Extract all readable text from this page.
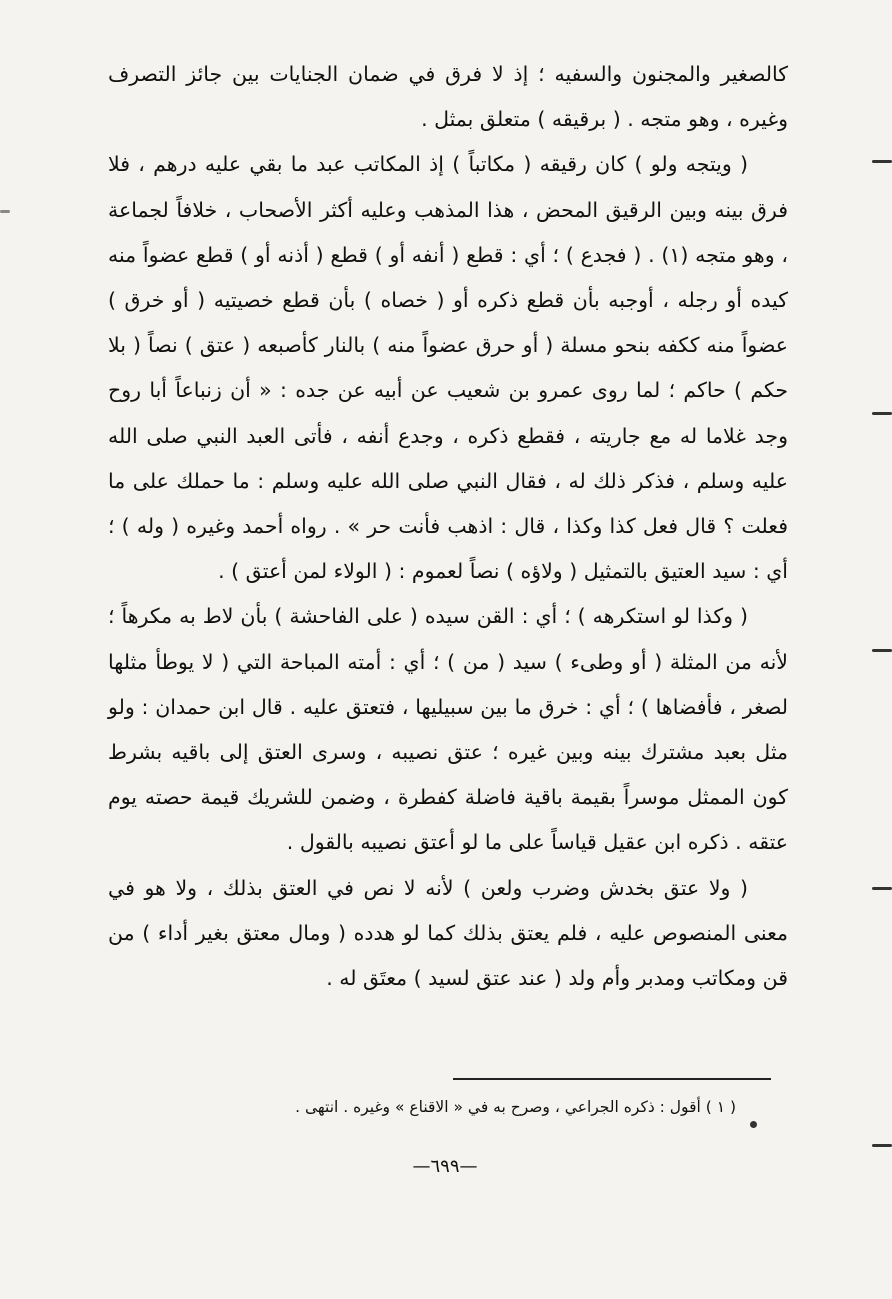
كالصغير والمجنون والسفيه ؛ إذ لا فرق في ضمان الجنايات بين جائز التصرف وغيره ، وهو متجه . ( برقيقه ) متعلق بمثل .

( ويتجه ولو ) كان رقيقه ( مكاتباً ) إذ المكاتب عبد ما بقي عليه درهم ، فلا فرق بينه وبين الرقيق المحض ، هذا المذهب وعليه أكثر الأصحاب ، خلافاً لجماعة ، وهو متجه (١) . ( فجدع ) ؛ أي : قطع ( أنفه أو ) قطع ( أذنه أو ) قطع عضواً منه كيده أو رجله ، أوجبه بأن قطع ذكره أو ( خصاه ) بأن قطع خصيتيه ( أو خرق ) عضواً منه ككفه بنحو مسلة ( أو حرق عضواً منه ) بالنار كأصبعه ( عتق ) نصاً ( بلا حكم ) حاكم ؛ لما روى عمرو بن شعيب عن أبيه عن جده : « أن زنباعاً أبا روح وجد غلاما له مع جاريته ، فقطع ذكره ، وجدع أنفه ، فأتى العبد النبي صلى الله عليه وسلم ، فذكر ذلك له ، فقال النبي صلى الله عليه وسلم : ما حملك على ما فعلت ؟ قال فعل كذا وكذا ، قال : اذهب فأنت حر » . رواه أحمد وغيره ( وله ) ؛ أي : سيد العتيق بالتمثيل ( ولاؤه ) نصاً لعموم : ( الولاء لمن أعتق ) .

( وكذا لو استكرهه ) ؛ أي : القن سيده ( على الفاحشة ) بأن لاط به مكرهاً ؛ لأنه من المثلة ( أو وطىء ) سيد ( من ) ؛ أي : أمته المباحة التي ( لا يوطأ مثلها لصغر ، فأفضاها ) ؛ أي : خرق ما بين سبيليها ، فتعتق عليه . قال ابن حمدان : ولو مثل بعبد مشترك بينه وبين غيره ؛ عتق نصيبه ، وسرى العتق إلى باقيه بشرط كون الممثل موسراً بقيمة باقية فاضلة كفطرة ، وضمن للشريك قيمة حصته يوم عتقه . ذكره ابن عقيل قياساً على ما لو أعتق نصيبه بالقول .

( ولا عتق بخدش وضرب ولعن ) لأنه لا نص في العتق بذلك ، ولا هو في معنى المنصوص عليه ، فلم يعتق بذلك كما لو هدده ( ومال معتق بغير أداء ) من قن ومكاتب ومدبر وأم ولد ( عند عتق لسيد ) معتَق له .

( ١ ) أقول : ذكره الجراعي ، وصرح به في « الاقناع » وغيره . انتهى .
—٦٩٩—
